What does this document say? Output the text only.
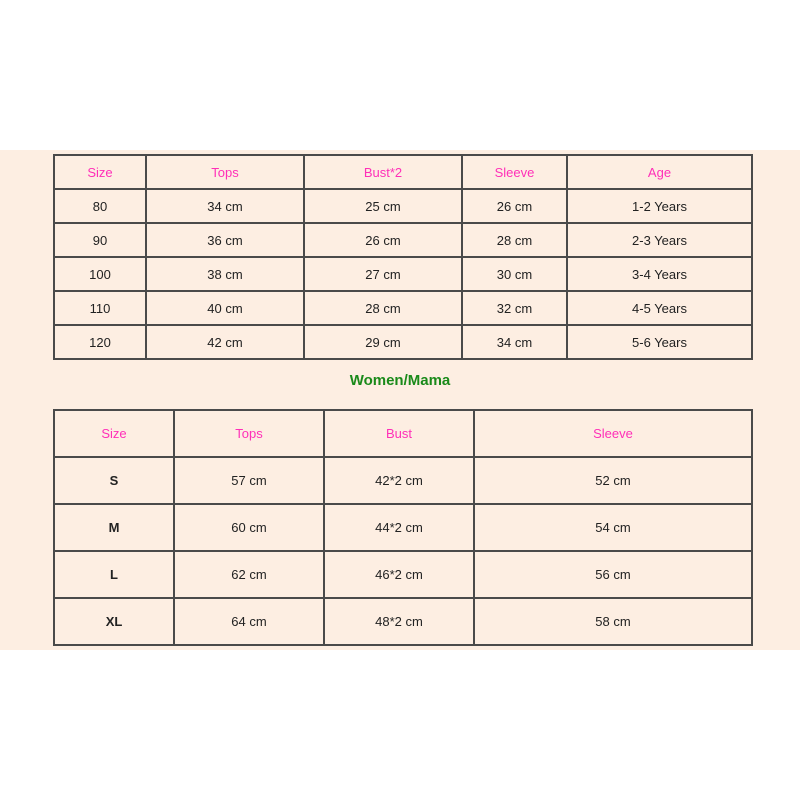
Size	Tops	Bust*2	Sleeve	Age
80	34 cm	25 cm	26 cm	1-2 Years
90	36 cm	26 cm	28 cm	2-3 Years
100	38 cm	27 cm	30 cm	3-4 Years
110	40 cm	28 cm	32 cm	4-5 Years
120	42 cm	29 cm	34 cm	5-6 Years
Women/Mama
Size	Tops	Bust	Sleeve
S	57 cm	42*2 cm	52 cm
M	60 cm	44*2 cm	54 cm
L	62 cm	46*2 cm	56 cm
XL	64 cm	48*2 cm	58 cm
